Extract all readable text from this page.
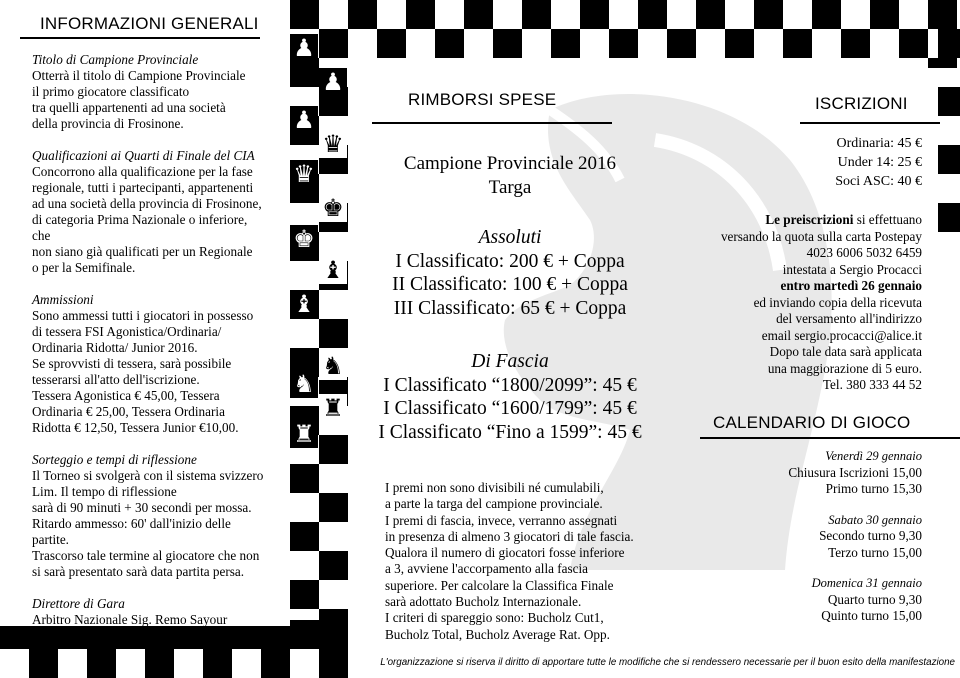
♟
♟
♟
♛
♛
♚
♚
♝
♝
♞
♞
♜
♜
INFORMAZIONI GENERALI

Titolo di Campione Provinciale

Otterrà il titolo di Campione Provinciale

il primo giocatore classificato

tra quelli appartenenti ad una società

della provincia di Frosinone.

Qualificazioni ai Quarti di Finale del CIA

Concorrono alla qualificazione per la fase

regionale, tutti i partecipanti, appartenenti

ad una società della provincia di Frosinone,

di categoria Prima Nazionale o inferiore, che

non siano già qualificati per un Regionale

o per la Semifinale.

Ammissioni

Sono ammessi tutti i giocatori in possesso

di tessera FSI Agonistica/Ordinaria/

Ordinaria Ridotta/ Junior 2016.

Se sprovvisti di tessera, sarà possibile

tesserarsi all'atto dell'iscrizione.

Tessera Agonistica € 45,00, Tessera

Ordinaria € 25,00, Tessera Ordinaria

Ridotta € 12,50, Tessera Junior €10,00.

Sorteggio e tempi di riflessione

Il Torneo si svolgerà con il sistema svizzero

Lim. Il tempo di riflessione

sarà di 90 minuti + 30 secondi per mossa.

Ritardo ammesso: 60' dall'inizio delle partite.

Trascorso tale termine al giocatore che non

si sarà presentato sarà data partita persa.

Direttore di Gara

Arbitro Nazionale Sig. Remo Sayour

RIMBORSI SPESE

Campione Provinciale 2016

Targa

Assoluti

I Classificato: 200 € + Coppa

II Classificato: 100 € + Coppa

III Classificato: 65 € + Coppa

Di Fascia

I Classificato “1800/2099”: 45 €

I Classificato “1600/1799”: 45 €

I Classificato “Fino a 1599”: 45 €

I premi non sono divisibili né cumulabili,

a parte la targa del campione provinciale.

I premi di fascia, invece, verranno assegnati

in presenza di almeno 3 giocatori di tale fascia.

Qualora il numero di giocatori fosse inferiore

a 3, avviene l'accorpamento alla fascia

superiore. Per calcolare la Classifica Finale

sarà adottato Bucholz Internazionale.

I criteri di spareggio sono: Bucholz Cut1,

Bucholz Total, Bucholz Average Rat. Opp.

ISCRIZIONI

Ordinaria: 45 €

Under 14: 25 €

Soci ASC: 40 €

Le preiscrizioni si effettuano

versando la quota sulla carta Postepay

4023 6006 5032 6459

intestata a Sergio Procacci

entro martedì 26 gennaio

ed inviando copia della ricevuta

del versamento all'indirizzo

email sergio.procacci@alice.it

Dopo tale data sarà applicata

una maggiorazione di 5 euro.

Tel. 380 333 44 52

CALENDARIO DI GIOCO

Venerdì 29 gennaio

Chiusura Iscrizioni 15,00

Primo turno 15,30

Sabato 30 gennaio

Secondo turno 9,30

Terzo turno 15,00

Domenica 31 gennaio

Quarto turno 9,30

Quinto turno 15,00

L'organizzazione si riserva il diritto di apportare tutte le modifiche che si rendessero necessarie per il buon esito della manifestazione
